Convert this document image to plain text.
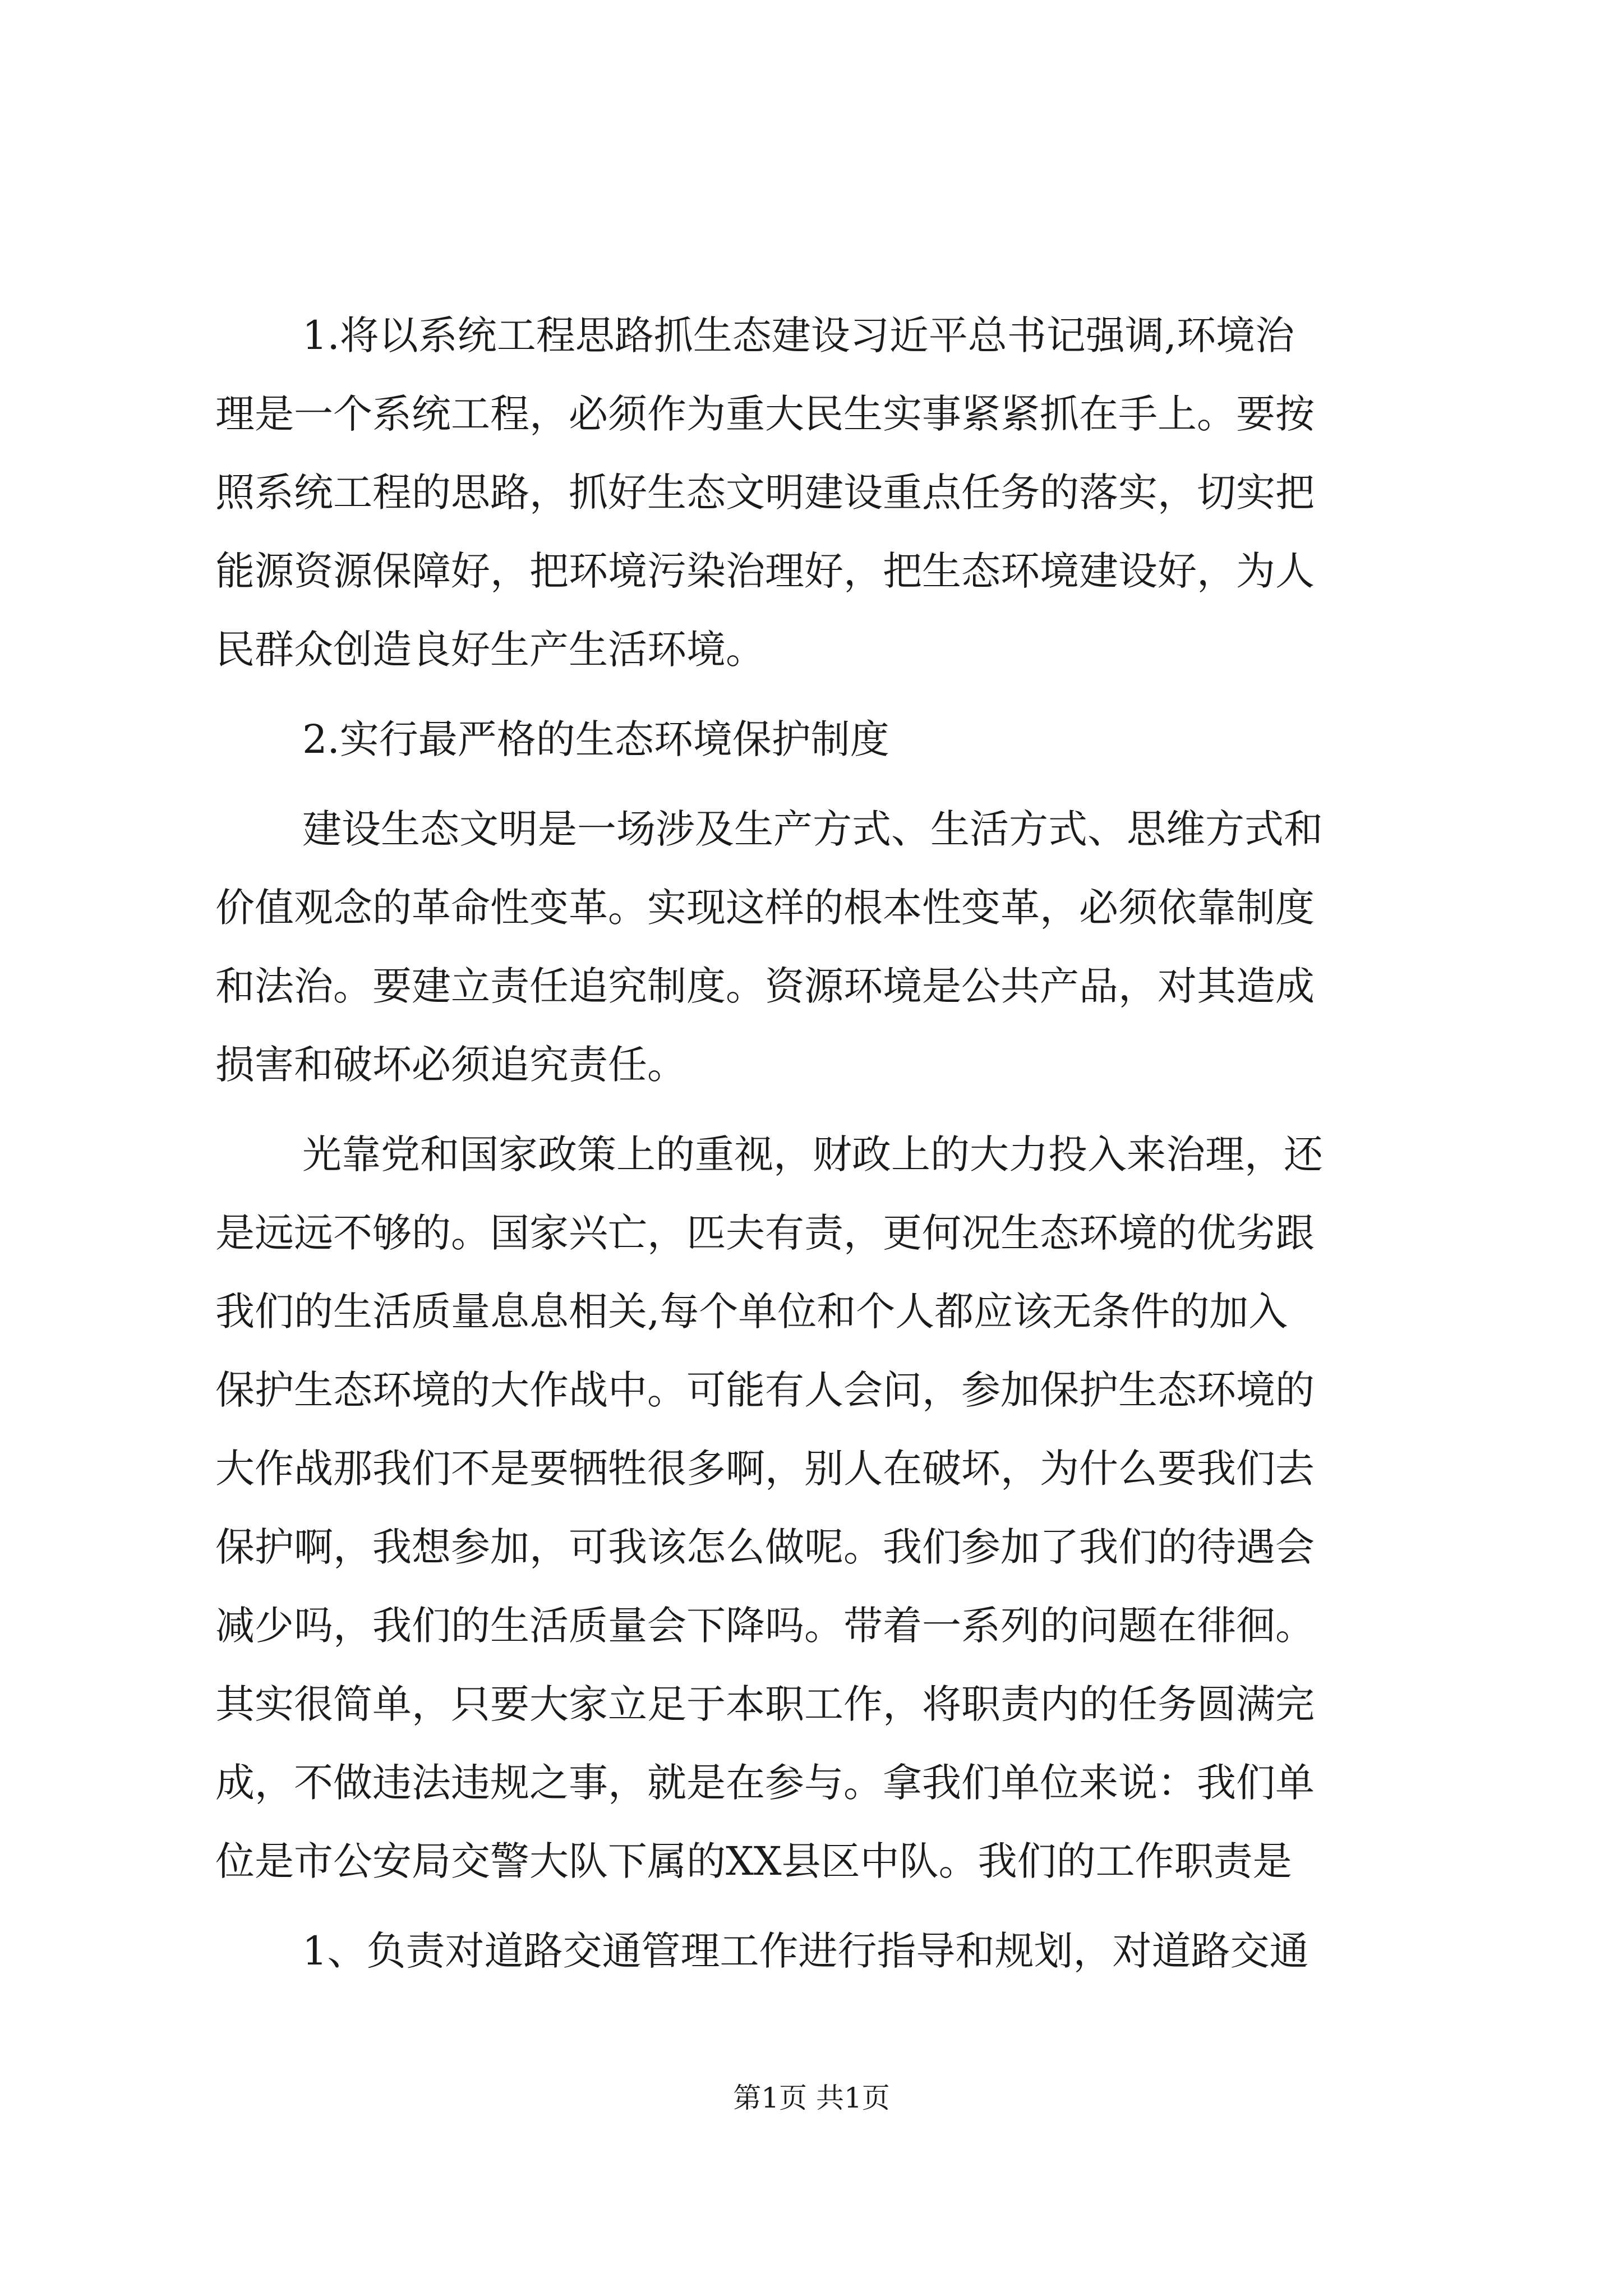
1.将以系统工程思路抓生态建设习近平总书记强调,环境治
理是一个系统工程，必须作为重大民生实事紧紧抓在手上。要按
照系统工程的思路，抓好生态文明建设重点任务的落实，切实把
能源资源保障好，把环境污染治理好，把生态环境建设好，为人
民群众创造良好生产生活环境。
2.实行最严格的生态环境保护制度
建设生态文明是一场涉及生产方式、生活方式、思维方式和
价值观念的革命性变革。实现这样的根本性变革，必须依靠制度
和法治。要建立责任追究制度。资源环境是公共产品，对其造成
损害和破坏必须追究责任。
光靠党和国家政策上的重视，财政上的大力投入来治理，还
是远远不够的。国家兴亡，匹夫有责，更何况生态环境的优劣跟
我们的生活质量息息相关,每个单位和个人都应该无条件的加入
保护生态环境的大作战中。可能有人会问，参加保护生态环境的
大作战那我们不是要牺牲很多啊，别人在破坏，为什么要我们去
保护啊，我想参加，可我该怎么做呢。我们参加了我们的待遇会
减少吗，我们的生活质量会下降吗。带着一系列的问题在徘徊。
其实很简单，只要大家立足于本职工作，将职责内的任务圆满完
成，不做违法违规之事，就是在参与。拿我们单位来说：我们单
位是市公安局交警大队下属的XX县区中队。我们的工作职责是
1、负责对道路交通管理工作进行指导和规划，对道路交通
第1页 共1页
